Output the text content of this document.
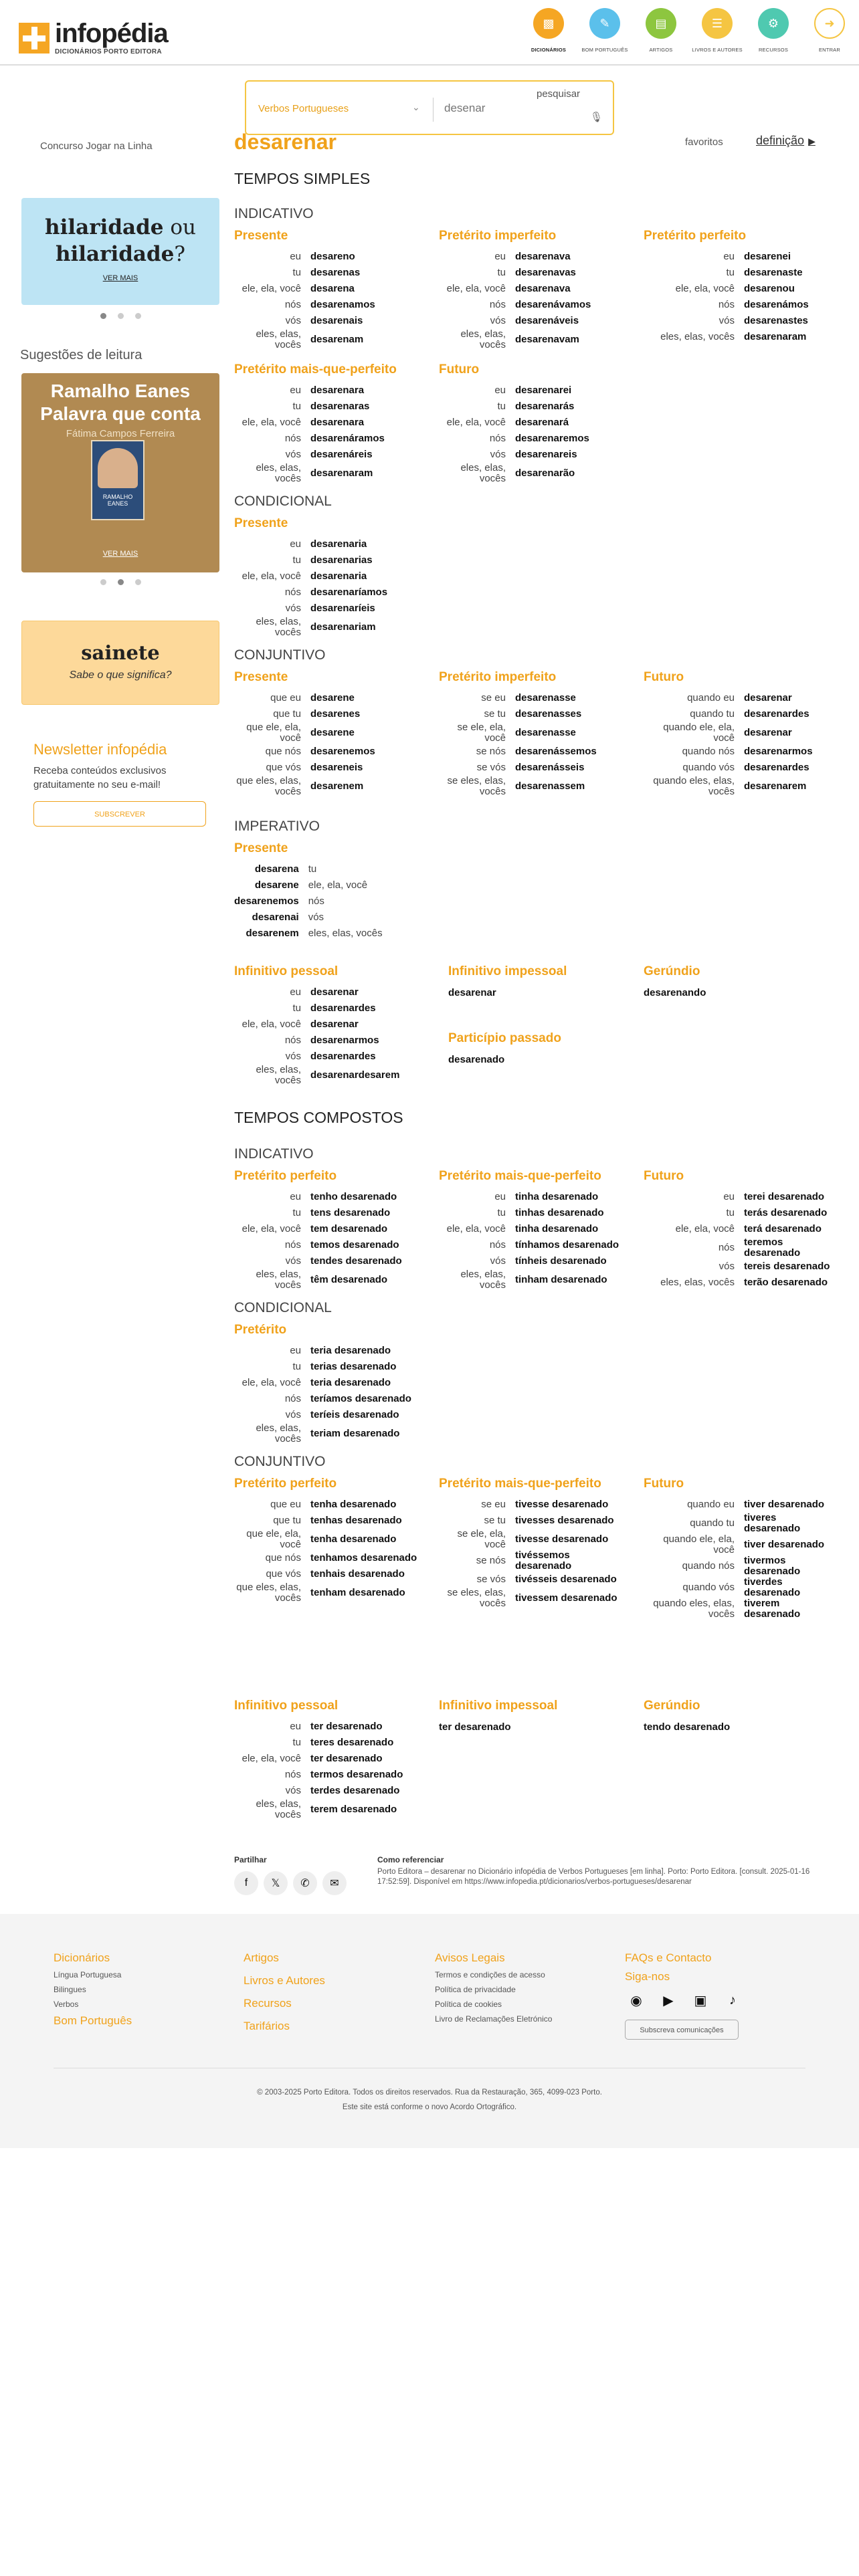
infopédia
DICIONÁRIOS PORTO EDITORA
▩
DICIONÁRIOS
✎
BOM PORTUGUÊS
▤
ARTIGOS
☰
LIVROS E AUTORES
⚙
RECURSOS
➜
ENTRAR
Verbos Portugueses	⌄
desenar
pesquisar
🎙
Concurso Jogar na Linha
hilaridade ou
hilaridade?
VER MAIS
Sugestões de leitura
Ramalho Eanes Palavra que conta
Fátima Campos Ferreira
RAMALHO EANES
VER MAIS
sainete
Sabe o que significa?
Newsletter infopédia
Receba conteúdos exclusivos gratuitamente no seu e-mail!
SUBSCREVER
desarenar	favoritos	definição ▶
TEMPOS SIMPLES
INDICATIVO
CONDICIONAL
CONJUNTIVO
IMPERATIVO
TEMPOS COMPOSTOS
INDICATIVO
CONDICIONAL
CONJUNTIVO
Presente
eu	desareno
tu	desarenas
ele, ela, você	desarena
nós	desarenamos
vós	desarenais
eles, elas, vocês	desarenam
Pretérito imperfeito
eu	desarenava
tu	desarenavas
ele, ela, você	desarenava
nós	desarenávamos
vós	desarenáveis
eles, elas, vocês	desarenavam
Pretérito perfeito
eu	desarenei
tu	desarenaste
ele, ela, você	desarenou
nós	desarenámos
vós	desarenastes
eles, elas, vocês	desarenaram
Pretérito mais-que-perfeito
eu	desarenara
tu	desarenaras
ele, ela, você	desarenara
nós	desarenáramos
vós	desarenáreis
eles, elas, vocês	desarenaram
Futuro
eu	desarenarei
tu	desarenarás
ele, ela, você	desarenará
nós	desarenaremos
vós	desarenareis
eles, elas, vocês	desarenarão
Presente
eu	desarenaria
tu	desarenarias
ele, ela, você	desarenaria
nós	desarenaríamos
vós	desarenaríeis
eles, elas, vocês	desarenariam
Presente
que eu	desarene
que tu	desarenes
que ele, ela, você	desarene
que nós	desarenemos
que vós	desareneis
que eles, elas, vocês	desarenem
Pretérito imperfeito
se eu	desarenasse
se tu	desarenasses
se ele, ela, você	desarenasse
se nós	desarenássemos
se vós	desarenásseis
se eles, elas, vocês	desarenassem
Futuro
quando eu	desarenar
quando tu	desarenardes
quando ele, ela, você	desarenar
quando nós	desarenarmos
quando vós	desarenardes
quando eles, elas, vocês	desarenarem
Presente
desarena	tu
desarene	ele, ela, você
desarenemos	nós
desarenai	vós
desarenem	eles, elas, vocês
Infinitivo pessoal
eu	desarenar
tu	desarenardes
ele, ela, você	desarenar
nós	desarenarmos
vós	desarenardes
eles, elas, vocês	desarenardesarem
Infinitivo impessoal
desarenar
Gerúndio
desarenando
Particípio passado
desarenado
Pretérito perfeito
eu	tenho desarenado
tu	tens desarenado
ele, ela, você	tem desarenado
nós	temos desarenado
vós	tendes desarenado
eles, elas, vocês	têm desarenado
Pretérito mais-que-perfeito
eu	tinha desarenado
tu	tinhas desarenado
ele, ela, você	tinha desarenado
nós	tínhamos desarenado
vós	tínheis desarenado
eles, elas, vocês	tinham desarenado
Futuro
eu	terei desarenado
tu	terás desarenado
ele, ela, você	terá desarenado
nós	teremos desarenado
vós	tereis desarenado
eles, elas, vocês	terão desarenado
Pretérito
eu	teria desarenado
tu	terias desarenado
ele, ela, você	teria desarenado
nós	teríamos desarenado
vós	teríeis desarenado
eles, elas, vocês	teriam desarenado
Pretérito perfeito
que eu	tenha desarenado
que tu	tenhas desarenado
que ele, ela, você	tenha desarenado
que nós	tenhamos desarenado
que vós	tenhais desarenado
que eles, elas, vocês	tenham desarenado
Pretérito mais-que-perfeito
se eu	tivesse desarenado
se tu	tivesses desarenado
se ele, ela, você	tivesse desarenado
se nós	tivéssemos desarenado
se vós	tivésseis desarenado
se eles, elas, vocês	tivessem desarenado
Futuro
quando eu	tiver desarenado
quando tu	tiveres desarenado
quando ele, ela, você	tiver desarenado
quando nós	tivermos desarenado
quando vós	tiverdes desarenado
quando eles, elas, vocês	tiverem desarenado
Infinitivo pessoal
eu	ter desarenado
tu	teres desarenado
ele, ela, você	ter desarenado
nós	termos desarenado
vós	terdes desarenado
eles, elas, vocês	terem desarenado
Infinitivo impessoal
ter desarenado
Gerúndio
tendo desarenado
Partilhar
f	𝕏	✆	✉
Como referenciar
Porto Editora – desarenar no Dicionário infopédia de Verbos Portugueses [em linha]. Porto: Porto Editora. [consult. 2025-01-16 17:52:59]. Disponível em https://www.infopedia.pt/dicionarios/verbos-portugueses/desarenar
Dicionários
Língua Portuguesa
Bilingues
Verbos
Bom Português
Artigos
Livros e Autores
Recursos
Tarifários
Avisos Legais
Termos e condições de acesso
Política de privacidade
Política de cookies
Livro de Reclamações Eletrónico
FAQs e Contacto
Siga-nos
◉	▶	▣	♪
Subscreva comunicações
© 2003-2025 Porto Editora. Todos os direitos reservados. Rua da Restauração, 365, 4099-023 Porto.
Este site está conforme o novo Acordo Ortográfico.
